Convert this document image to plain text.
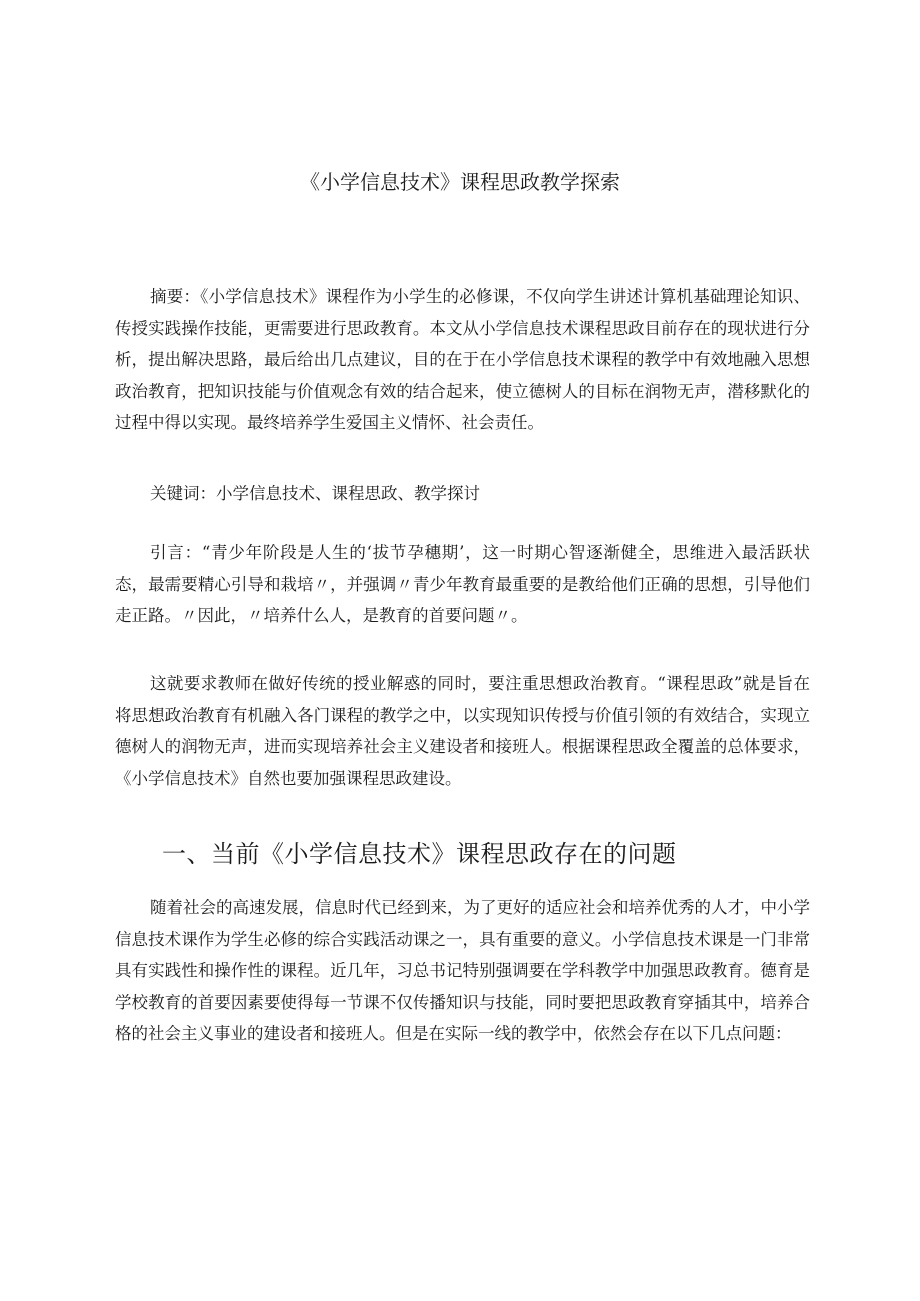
《小学信息技术》课程思政教学探索

摘要：《小学信息技术》课程作为小学生的必修课，不仅向学生讲述计算机基础理论知识、传授实践操作技能，更需要进行思政教育。本文从小学信息技术课程思政目前存在的现状进行分析，提出解决思路，最后给出几点建议，目的在于在小学信息技术课程的教学中有效地融入思想政治教育，把知识技能与价值观念有效的结合起来，使立德树人的目标在润物无声，潜移默化的过程中得以实现。最终培养学生爱国主义情怀、社会责任。

关键词：小学信息技术、课程思政、教学探讨

引言：“青少年阶段是人生的‘拔节孕穗期’，这一时期心智逐渐健全，思维进入最活跃状态，最需要精心引导和栽培〃，并强调〃青少年教育最重要的是教给他们正确的思想，引导他们走正路。〃因此，〃培养什么人，是教育的首要问题〃。

这就要求教师在做好传统的授业解惑的同时，要注重思想政治教育。“课程思政”就是旨在将思想政治教育有机融入各门课程的教学之中，以实现知识传授与价值引领的有效结合，实现立德树人的润物无声，进而实现培养社会主义建设者和接班人。根据课程思政全覆盖的总体要求，《小学信息技术》自然也要加强课程思政建设。

一、当前《小学信息技术》课程思政存在的问题

随着社会的高速发展，信息时代已经到来，为了更好的适应社会和培养优秀的人才，中小学信息技术课作为学生必修的综合实践活动课之一，具有重要的意义。小学信息技术课是一门非常具有实践性和操作性的课程。近几年，习总书记特别强调要在学科教学中加强思政教育。德育是学校教育的首要因素要使得每一节课不仅传播知识与技能，同时要把思政教育穿插其中，培养合格的社会主义事业的建设者和接班人。但是在实际一线的教学中，依然会存在以下几点问题：
